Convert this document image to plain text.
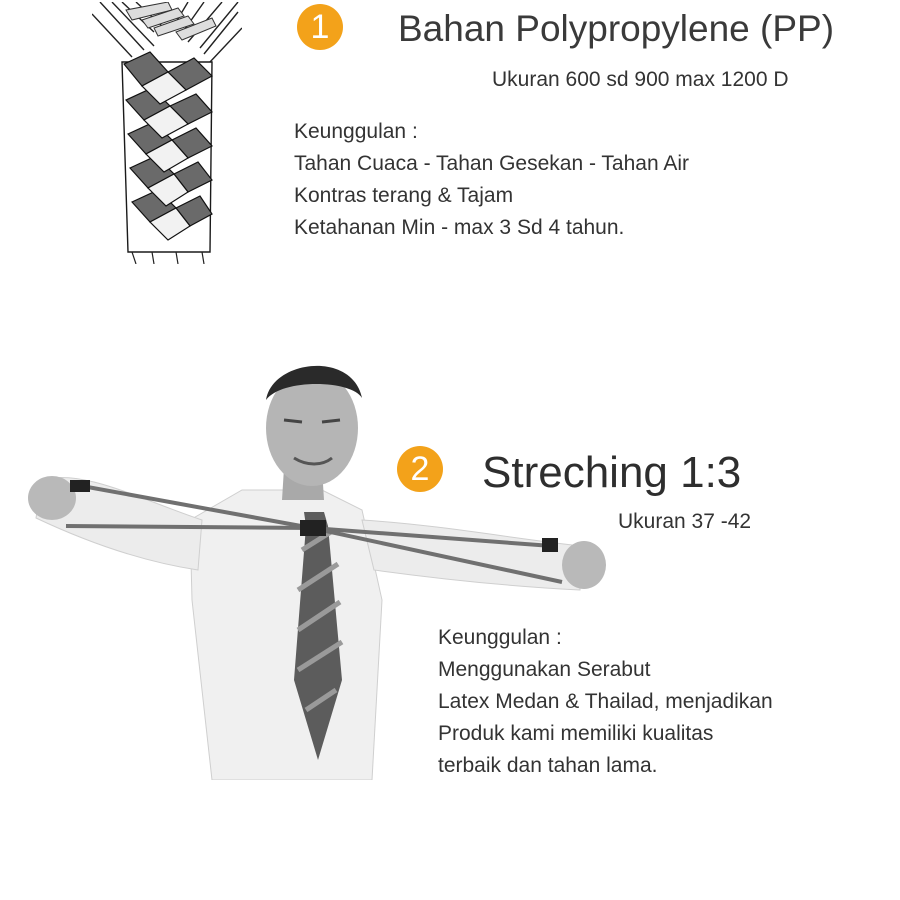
1	Bahan Polypropylene (PP)
Ukuran 600 sd 900 max 1200 D
Keunggulan :
Tahan Cuaca - Tahan Gesekan - Tahan Air
Kontras terang & Tajam
Ketahanan Min - max 3 Sd 4 tahun.
2	Streching 1:3
Ukuran 37 -42
Keunggulan :
Menggunakan Serabut
Latex Medan & Thailad, menjadikan
Produk kami memiliki kualitas
terbaik dan tahan lama.
